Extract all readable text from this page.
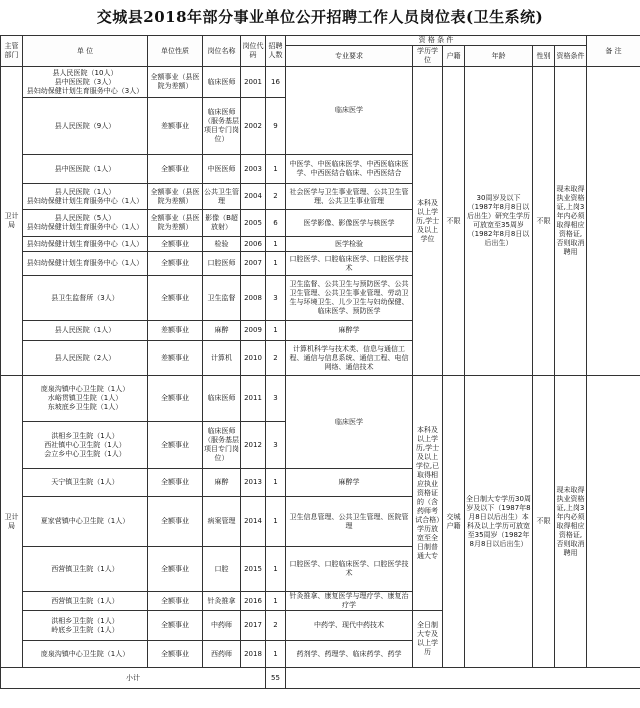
交城县2018年部分事业单位公开招聘工作人员岗位表(卫生系统)
主管部门	单 位	单位性质	岗位名称	岗位代码	招聘人数	资 格 条 件						备 注
						专业要求	学历学位	户籍	年龄	性别	资格条件	
卫计局	县人民医院（10人）
县中医医院（3人）
县妇幼保健计划生育服务中心（3人）	全额事业（县医院为差额）	临床医师	2001	16	临床医学	本科及以上学历,学士及以上学位	不限	30周岁及以下（1987年8月8日以后出生）研究生学历可放宽至35周岁（1982年8月8日以后出生）	不限	现未取得执业资格证,上岗3年内必须取得相应资格证,否则取消聘用	
	县人民医院（9人）	差额事业	临床医师（服务基层项目专门岗位）	2002	9							
	县中医医院（1人）	全额事业	中医医师	2003	1	中医学、中医临床医学、中西医临床医学、中西医结合临床、中西医结合						
	县人民医院（1人）
县妇幼保健计划生育服务中心（1人）	全额事业（县医院为差额）	公共卫生管理	2004	2	社会医学与卫生事业管理、公共卫生管理、公共卫生事业管理						
	县人民医院（5人）
县妇幼保健计划生育服务中心（1人）	全额事业（县医院为差额）	影像（B超放射）	2005	6	医学影像、影像医学与核医学						
	县妇幼保健计划生育服务中心（1人）	全额事业	检验	2006	1	医学检验						
	县妇幼保健计划生育服务中心（1人）	全额事业	口腔医师	2007	1	口腔医学、口腔临床医学、口腔医学技术						
	县卫生监督所（3人）	全额事业	卫生监督	2008	3	卫生监督、公共卫生与预防医学、公共卫生管理、公共卫生事业管理、劳动卫生与环境卫生、儿少卫生与妇幼保健、临床医学、预防医学						
	县人民医院（1人）	差额事业	麻醉	2009	1	麻醉学						
	县人民医院（2人）	差额事业	计算机	2010	2	计算机科学与技术类、信息与通信工程、通信与信息系统、通信工程、电信网络、通信技术						
卫计局	庞泉沟镇中心卫生院（1人）
水峪贯镇卫生院（1人）
东坡底乡卫生院（1人）	全额事业	临床医师	2011	3	临床医学	本科及以上学历,学士及以上学位,已取得相应执业资格证的（含药师考试合格）学历放宽至全日制普通大专	交城户籍	全日制大专学历30周岁及以下（1987年8月8日以后出生）本科及以上学历可放宽至35周岁（1982年8月8日以后出生）	不限	现未取得执业资格证,上岗3年内必须取得相应资格证,否则取消聘用	
	洪相乡卫生院（1人）
西社镇中心卫生院（1人）
会立乡中心卫生院（1人）	全额事业	临床医师（服务基层项目专门岗位）	2012	3							
	天宁镇卫生院（1人）	全额事业	麻醉	2013	1	麻醉学						
	夏家营镇中心卫生院（1人）	全额事业	病案管理	2014	1	卫生信息管理、公共卫生管理、医院管理						
	西营镇卫生院（1人）	全额事业	口腔	2015	1	口腔医学、口腔临床医学、口腔医学技术						
	西营镇卫生院（1人）	全额事业	针灸推拿	2016	1	针灸推拿、康复医学与理疗学、康复治疗学						
	洪相乡卫生院（1人）
岭底乡卫生院（1人）	全额事业	中药师	2017	2	中药学、现代中药技术	全日制大专及以上学历					
	庞泉沟镇中心卫生院（1人）	全额事业	西药师	2018	1	药剂学、药理学、临床药学、药学						
小计					55							
